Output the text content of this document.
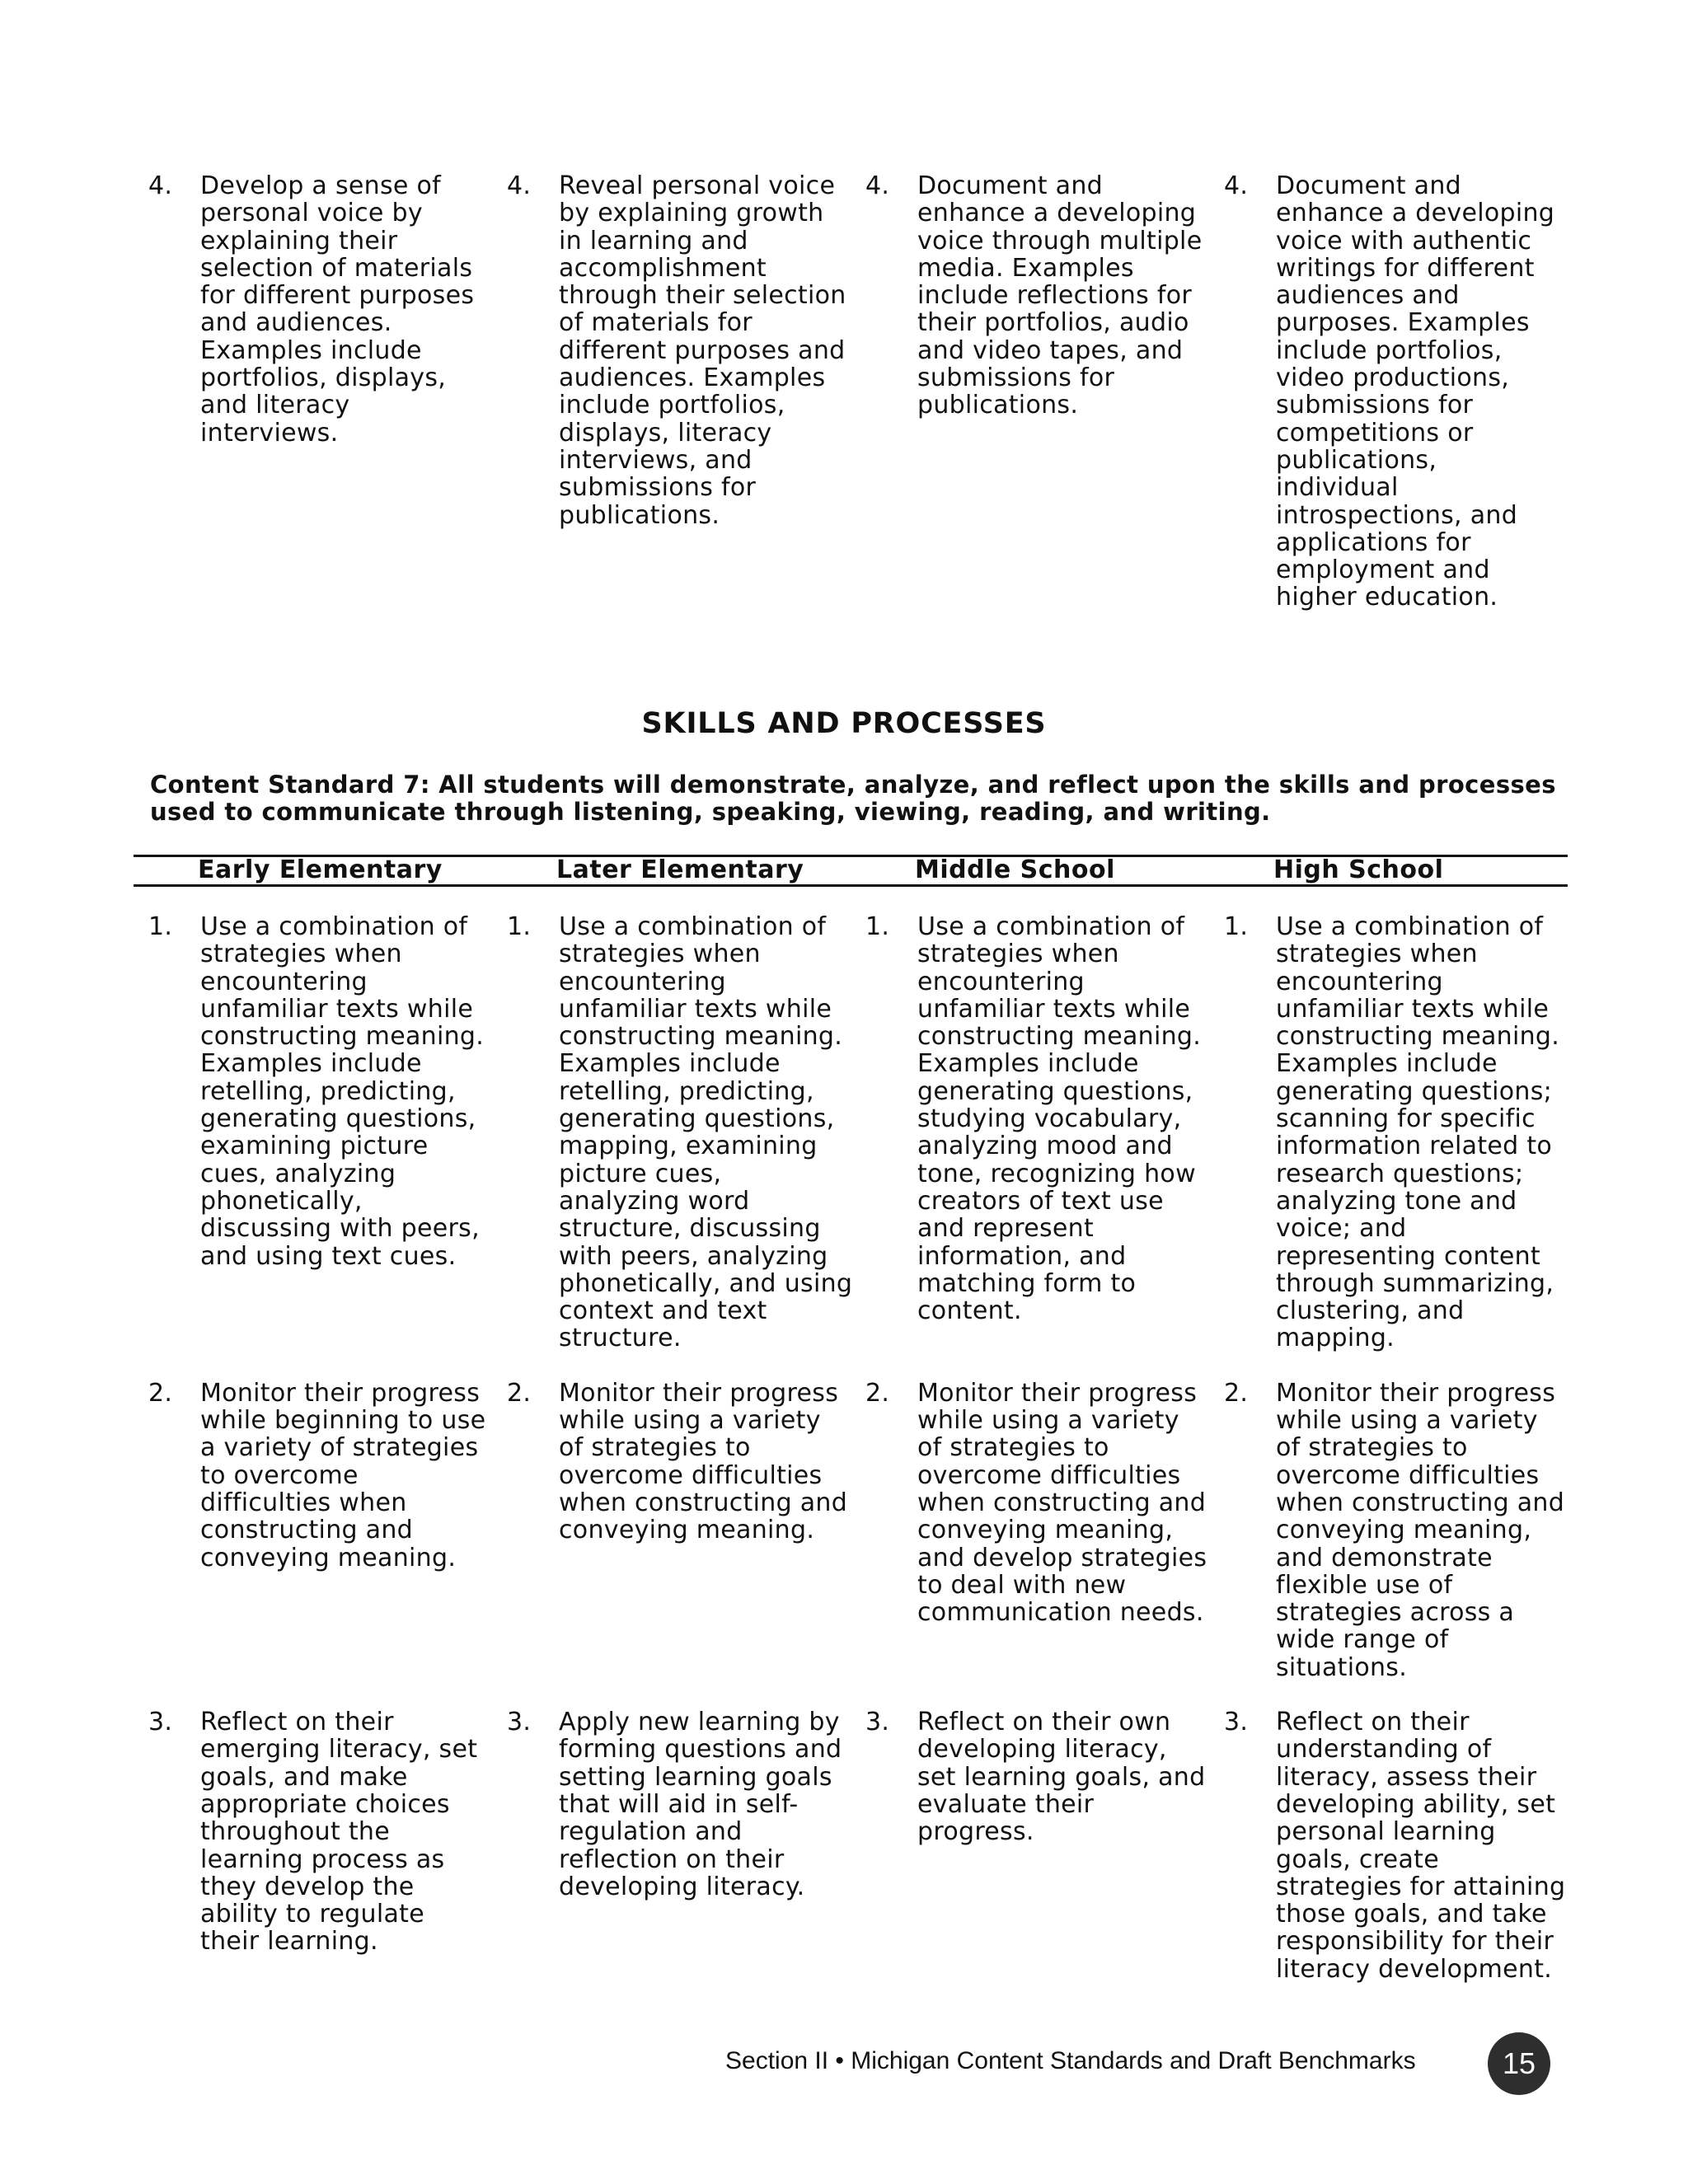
4.	Develop a sense of
personal voice by
explaining their
selection of materials
for different purposes
and audiences.
Examples include
portfolios, displays,
and literacy
interviews.
4.	Reveal personal voice
by explaining growth
in learning and
accomplishment
through their selection
of materials for
different purposes and
audiences. Examples
include portfolios,
displays, literacy
interviews, and
submissions for
publications.
4.	Document and
enhance a developing
voice through multiple
media. Examples
include reflections for
their portfolios, audio
and video tapes, and
submissions for
publications.
4.	Document and
enhance a developing
voice with authentic
writings for different
audiences and
purposes. Examples
include portfolios,
video productions,
submissions for
competitions or
publications, individual
introspections, and
applications for
employment and
higher education.
SKILLS AND PROCESSES
Content Standard 7: All students will demonstrate, analyze, and reflect upon the skills and processes used to communicate through listening, speaking, viewing, reading, and writing.
Early Elementary	Later Elementary	Middle School	High School
1.	Use a combination of
strategies when
encountering
unfamiliar texts while
constructing meaning.
Examples include
retelling, predicting,
generating questions,
examining picture
cues, analyzing
phonetically,
discussing with peers,
and using text cues.
1.	Use a combination of
strategies when
encountering
unfamiliar texts while
constructing meaning.
Examples include
retelling, predicting,
generating questions,
mapping, examining
picture cues,
analyzing word
structure, discussing
with peers, analyzing
phonetically, and using
context and text
structure.
1.	Use a combination of
strategies when
encountering
unfamiliar texts while
constructing meaning.
Examples include
generating questions,
studying vocabulary,
analyzing mood and
tone, recognizing how
creators of text use
and represent
information, and
matching form to
content.
1.	Use a combination of
strategies when
encountering
unfamiliar texts while
constructing meaning.
Examples include
generating questions;
scanning for specific
information related to
research questions;
analyzing tone and
voice; and
representing content
through summarizing,
clustering, and
mapping.
2.	Monitor their progress
while beginning to use
a variety of strategies
to overcome
difficulties when
constructing and
conveying meaning.
2.	Monitor their progress
while using a variety
of strategies to
overcome difficulties
when constructing and
conveying meaning.
2.	Monitor their progress
while using a variety
of strategies to
overcome difficulties
when constructing and
conveying meaning,
and develop strategies
to deal with new
communication needs.
2.	Monitor their progress
while using a variety
of strategies to
overcome difficulties
when constructing and
conveying meaning,
and demonstrate
flexible use of
strategies across a
wide range of
situations.
3.	Reflect on their
emerging literacy, set
goals, and make
appropriate choices
throughout the
learning process as
they develop the
ability to regulate
their learning.
3.	Apply new learning by
forming questions and
setting learning goals
that will aid in self-
regulation and
reflection on their
developing literacy.
3.	Reflect on their own
developing literacy,
set learning goals, and
evaluate their
progress.
3.	Reflect on their
understanding of
literacy, assess their
developing ability, set
personal learning
goals, create
strategies for attaining
those goals, and take
responsibility for their
literacy development.
Section II • Michigan Content Standards and Draft Benchmarks	15
